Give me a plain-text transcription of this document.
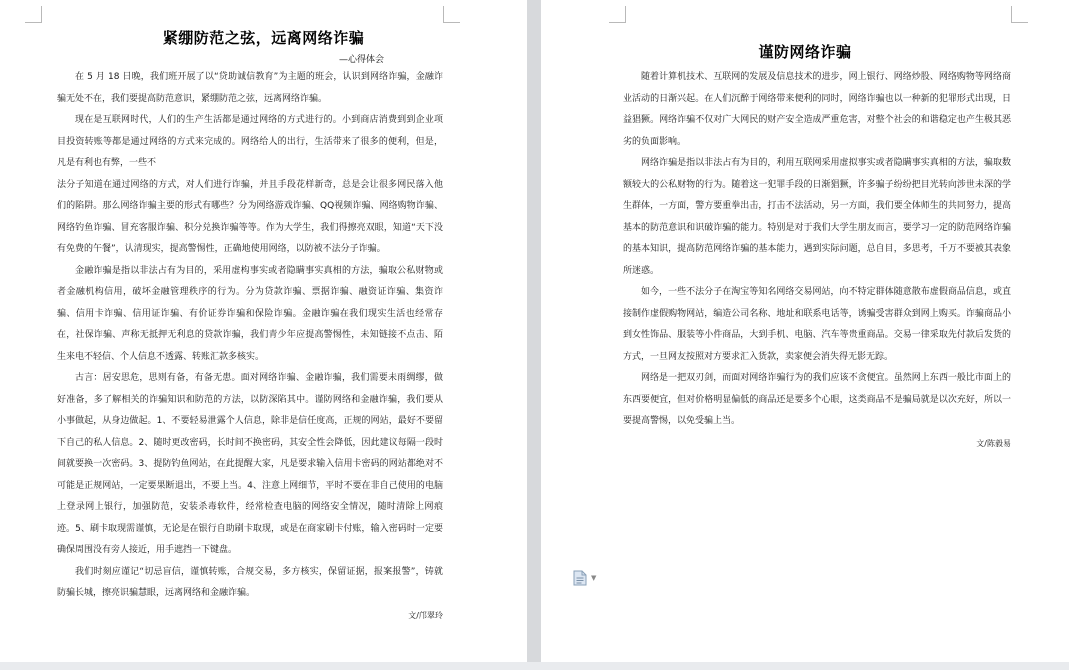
紧绷防范之弦，远离网络诈骗
—心得体会

在 5 月 18 日晚，我们班开展了以“贷助诚信教育”为主题的班会，认识到网络诈骗，金融诈骗无处不在，我们要提高防范意识，紧绷防范之弦，远离网络诈骗。

现在是互联网时代，人们的生产生活都是通过网络的方式进行的。小到商店消费到到企业项目投资转账等都是通过网络的方式来完成的。网络给人的出行，生活带来了很多的便利，但是，凡是有利也有弊，一些不

法分子知道在通过网络的方式，对人们进行诈骗，并且手段花样新奇，总是会让很多网民落入他们的陷阱。那么网络诈骗主要的形式有哪些？分为网络游戏诈骗、QQ视频诈骗、网络购物诈骗、网络钓鱼诈骗、冒充客服诈骗、积分兑换诈骗等等。作为大学生，我们得擦亮双眼，知道“天下没有免费的午餐”，认清现实，提高警惕性，正确地使用网络，以防被不法分子诈骗。

金融诈骗是指以非法占有为目的，采用虚构事实或者隐瞒事实真相的方法，骗取公私财物或者金融机构信用，破坏金融管理秩序的行为。分为贷款诈骗、票据诈骗、融资证诈骗、集资诈骗、信用卡诈骗、信用证诈骗、有价证券诈骗和保险诈骗。金融诈骗在我们现实生活也经常存在，社保诈骗、声称无抵押无利息的贷款诈骗，我们青少年应提高警惕性，未知链接不点击、陌生来电不轻信、个人信息不透露、转账汇款多核实。

古言：居安思危，思则有备，有备无患。面对网络诈骗、金融诈骗，我们需要未雨绸缪，做好准备，多了解相关的诈骗知识和防范的方法，以防深陷其中。谨防网络和金融诈骗，我们要从小事做起，从身边做起。1、不要轻易泄露个人信息，除非是信任度高，正规的网站，最好不要留下自己的私人信息。2、随时更改密码，长时间不换密码，其安全性会降低，因此建议每隔一段时间就要换一次密码。3、提防钓鱼网站，在此提醒大家，凡是要求输入信用卡密码的网站都绝对不可能是正规网站，一定要果断退出，不要上当。4、注意上网细节，平时不要在非自己使用的电脑上登录网上银行，加强防范，安装杀毒软件，经常检查电脑的网络安全情况，随时清除上网痕迹。5、刷卡取现需谨慎，无论是在银行自助刷卡取现，或是在商家刷卡付账，输入密码时一定要确保周围没有旁人接近，用手遮挡一下键盘。

我们时刻应谨记“切忌盲信，谨慎转账，合规交易，多方核实，保留证据，报案报警”，铸就防骗长城，擦亮识骗慧眼，远离网络和金融诈骗。

文/邝翠玲
谨防网络诈骗

随着计算机技术、互联网的发展及信息技术的进步，网上银行、网络炒股、网络购物等网络商业活动的日渐兴起。在人们沉醉于网络带来便利的同时，网络诈骗也以一种新的犯罪形式出现，日益猖獗。网络诈骗不仅对广大网民的财产安全造成严重危害，对整个社会的和谐稳定也产生极其恶劣的负面影响。

网络诈骗是指以非法占有为目的，利用互联网采用虚拟事实或者隐瞒事实真相的方法，骗取数额较大的公私财物的行为。随着这一犯罪手段的日渐猖獗，许多骗子纷纷把目光转向涉世未深的学生群体，一方面，警方要重拳出击，打击不法活动，另一方面，我们要全体师生的共同努力，提高基本的防范意识和识破诈骗的能力。特别是对于我们大学生朋友而言，要学习一定的防范网络诈骗的基本知识，提高防范网络诈骗的基本能力，遇到实际问题，总自目，多思考，千万不要被其表象所迷惑。

如今，一些不法分子在淘宝等知名网络交易网站，向不特定群体随意散布虚假商品信息，或直接制作虚假购物网站，编造公司名称、地址和联系电话等，诱骗受害群众到网上购买。诈骗商品小到女性饰品、服装等小件商品，大到手机、电脑、汽车等贵重商品。交易一律采取先付款后发货的方式，一旦网友按照对方要求汇入货款，卖家便会消失得无影无踪。

网络是一把双刃剑，而面对网络诈骗行为的我们应该不贪便宜。虽然网上东西一般比市面上的东西要便宜，但对价格明显偏低的商品还是要多个心眼，这类商品不是骗局就是以次充好，所以一要提高警惕，以免受骗上当。

文/陈毅易
▼
